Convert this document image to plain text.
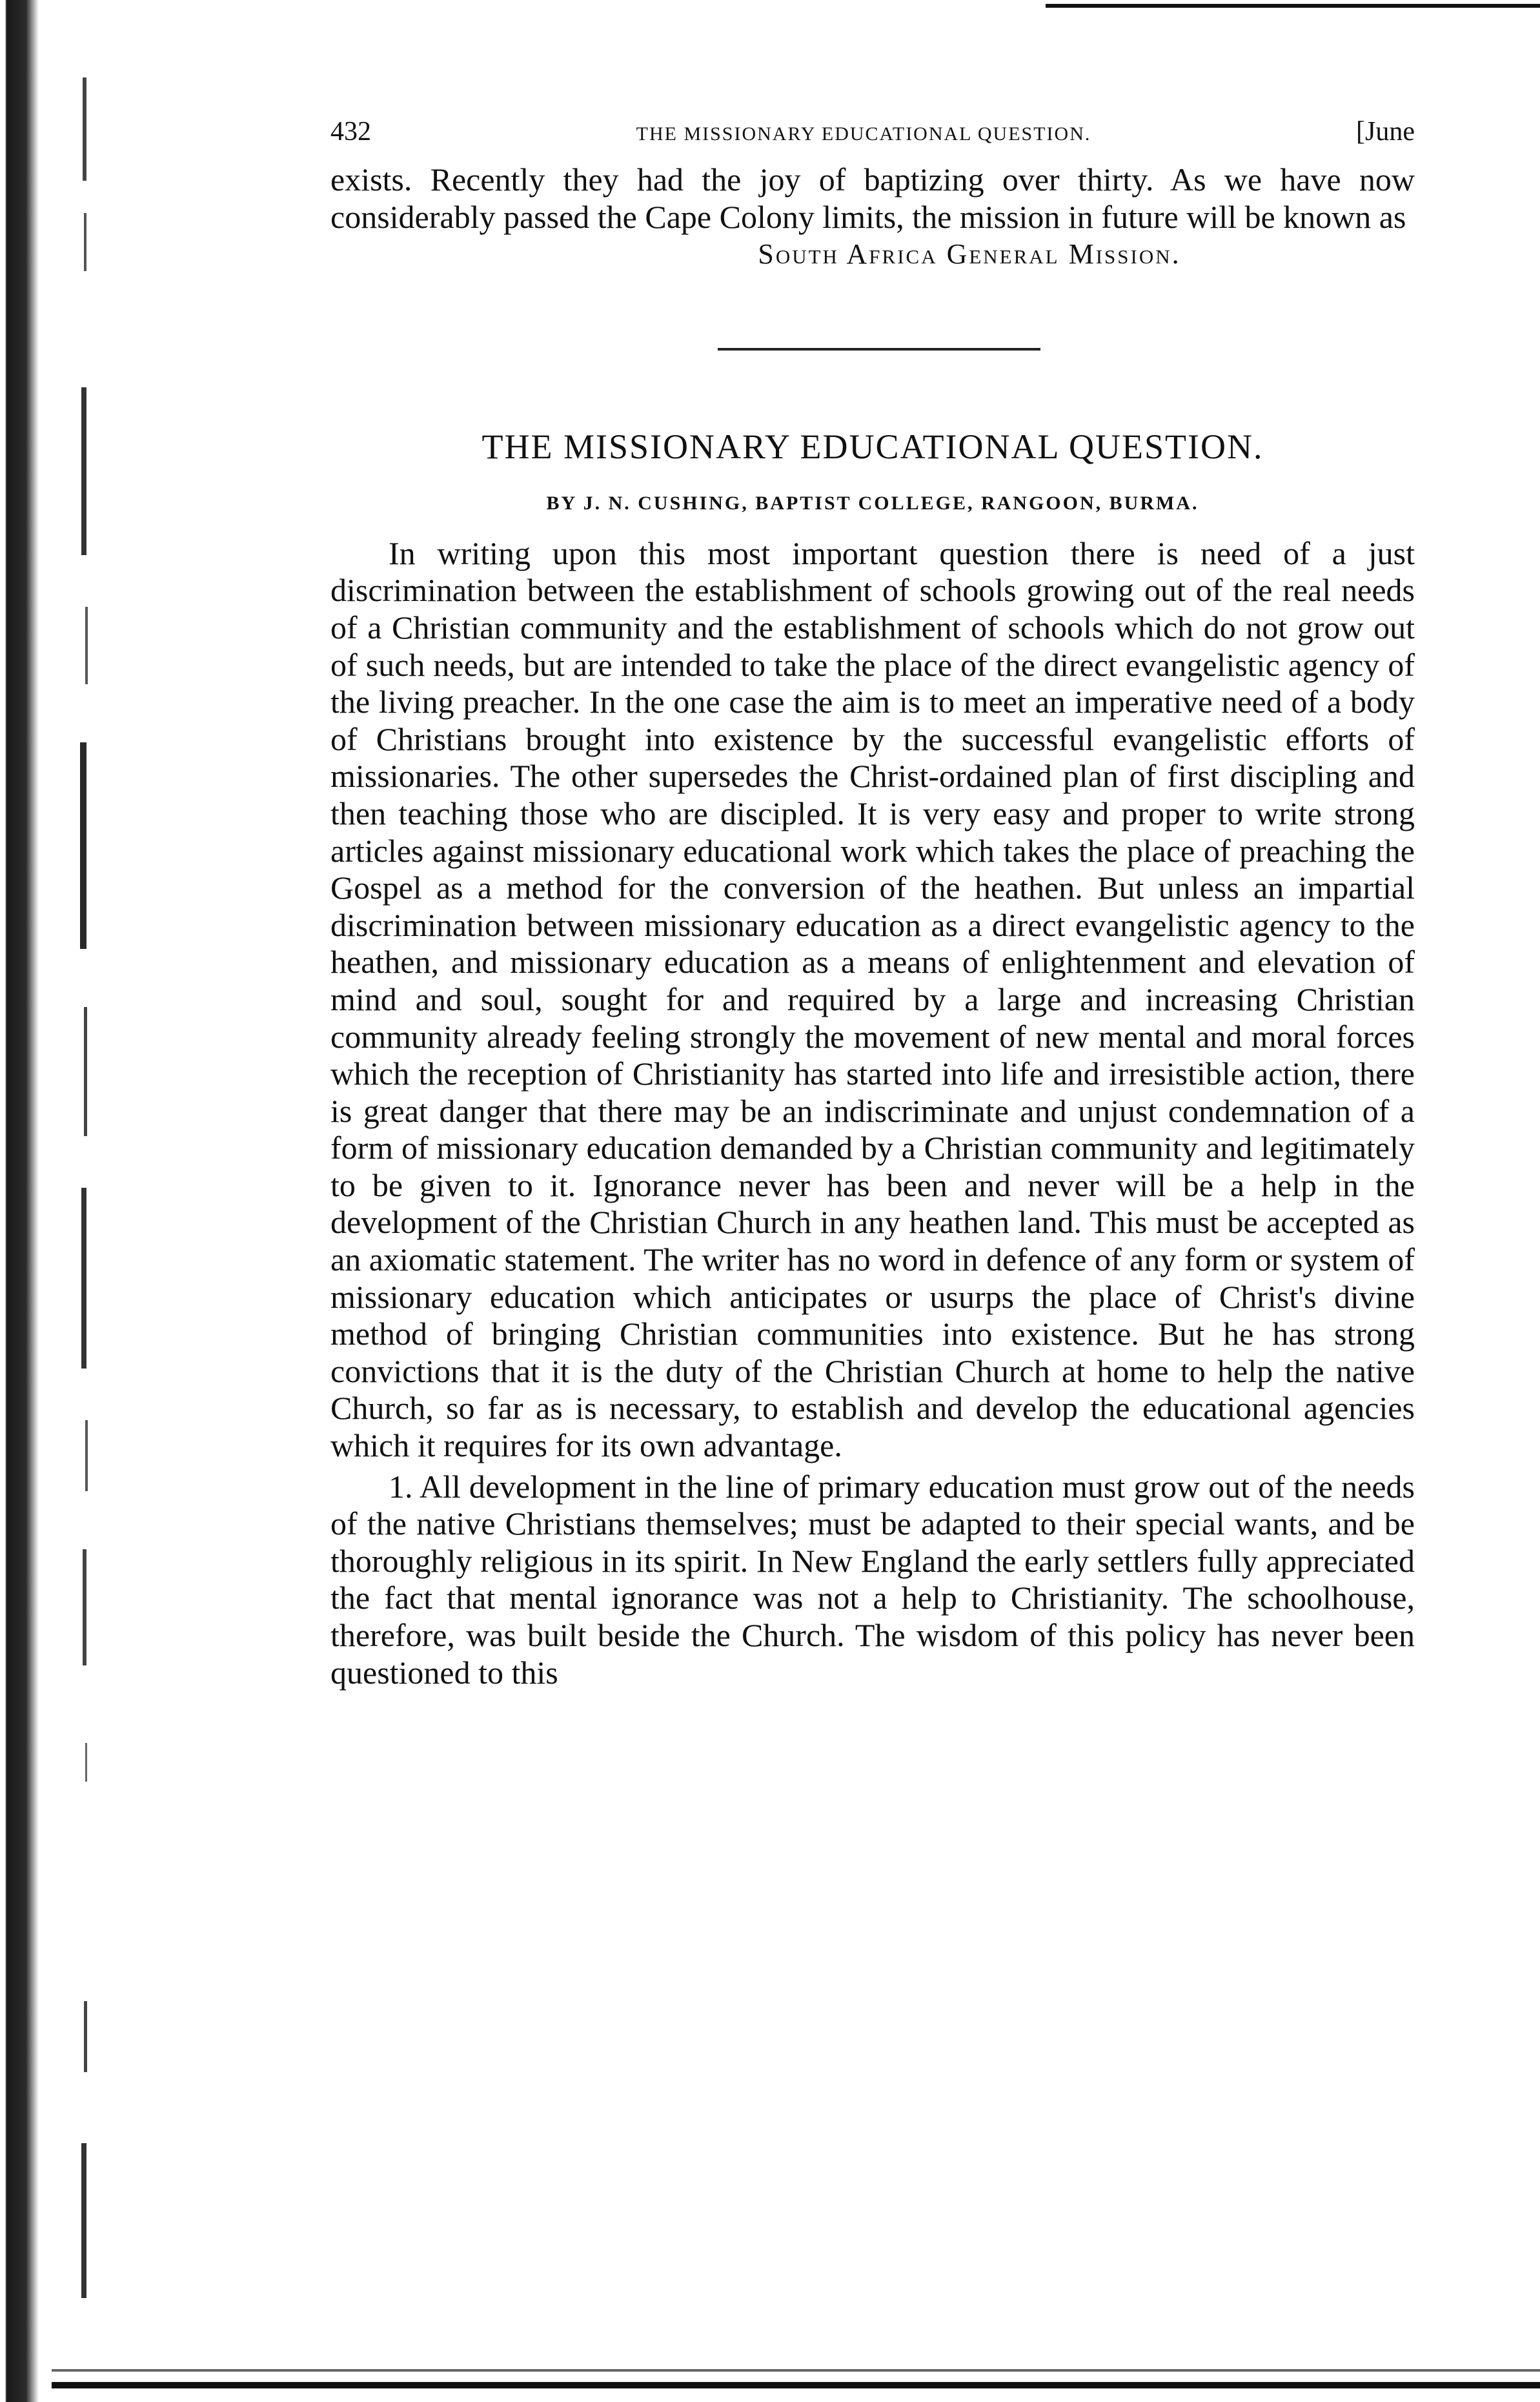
432	THE MISSIONARY EDUCATIONAL QUESTION.	[June

exists. Recently they had the joy of baptizing over thirty. As we have now considerably passed the Cape Colony limits, the mission in future will be known as

South Africa General Mission.
THE MISSIONARY EDUCATIONAL QUESTION.
BY J. N. CUSHING, BAPTIST COLLEGE, RANGOON, BURMA.

In writing upon this most important question there is need of a just discrimination between the establishment of schools growing out of the real needs of a Christian community and the establishment of schools which do not grow out of such needs, but are intended to take the place of the direct evangelistic agency of the living preacher. In the one case the aim is to meet an imperative need of a body of Christians brought into existence by the successful evangelistic efforts of missionaries. The other supersedes the Christ-ordained plan of first discipling and then teaching those who are discipled. It is very easy and proper to write strong articles against missionary educational work which takes the place of preaching the Gospel as a method for the conversion of the heathen. But unless an impartial discrimination between missionary education as a direct evangelistic agency to the heathen, and missionary education as a means of enlightenment and elevation of mind and soul, sought for and required by a large and increasing Christian community already feeling strongly the movement of new mental and moral forces which the reception of Christianity has started into life and irresistible action, there is great danger that there may be an indiscriminate and unjust condemnation of a form of missionary education demanded by a Christian community and legitimately to be given to it. Ignorance never has been and never will be a help in the development of the Christian Church in any heathen land. This must be accepted as an axiomatic statement. The writer has no word in defence of any form or system of missionary education which anticipates or usurps the place of Christ's divine method of bringing Christian communities into existence. But he has strong convictions that it is the duty of the Christian Church at home to help the native Church, so far as is necessary, to establish and develop the educational agencies which it requires for its own advantage.

1. All development in the line of primary education must grow out of the needs of the native Christians themselves; must be adapted to their special wants, and be thoroughly religious in its spirit. In New England the early settlers fully appreciated the fact that mental ignorance was not a help to Christianity. The schoolhouse, therefore, was built beside the Church. The wisdom of this policy has never been questioned to this
